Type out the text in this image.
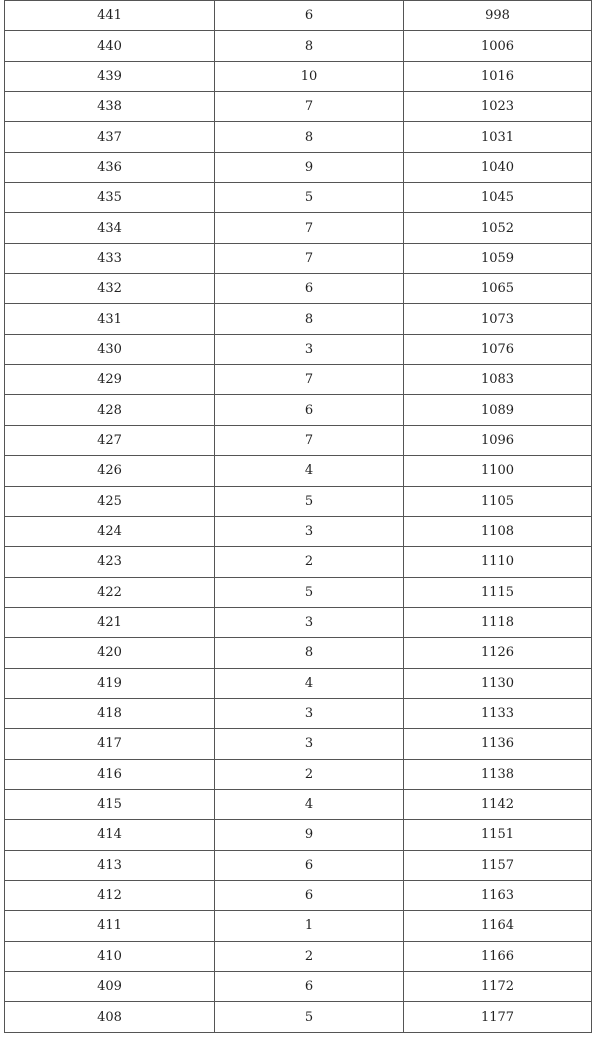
441	6	998
440	8	1006
439	10	1016
438	7	1023
437	8	1031
436	9	1040
435	5	1045
434	7	1052
433	7	1059
432	6	1065
431	8	1073
430	3	1076
429	7	1083
428	6	1089
427	7	1096
426	4	1100
425	5	1105
424	3	1108
423	2	1110
422	5	1115
421	3	1118
420	8	1126
419	4	1130
418	3	1133
417	3	1136
416	2	1138
415	4	1142
414	9	1151
413	6	1157
412	6	1163
411	1	1164
410	2	1166
409	6	1172
408	5	1177
